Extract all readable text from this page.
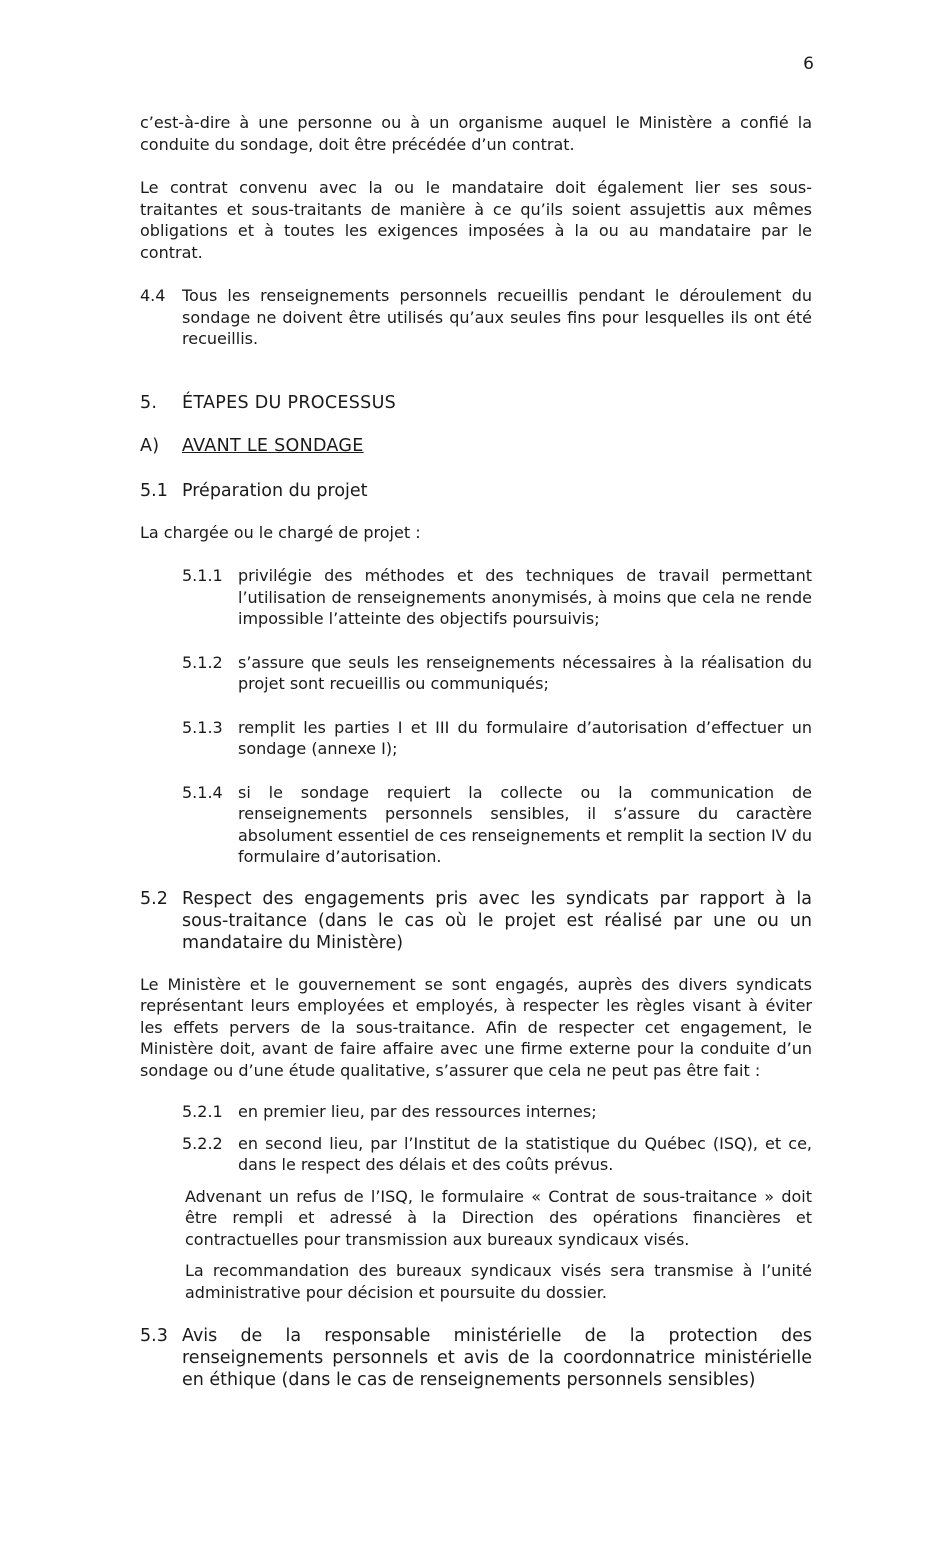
6

c’est-à-dire à une personne ou à un organisme auquel le Ministère a confié la conduite du sondage, doit être précédée d’un contrat.

Le contrat convenu avec la ou le mandataire doit également lier ses sous-traitantes et sous-traitants de manière à ce qu’ils soient assujettis aux mêmes obligations et à toutes les exigences imposées à la ou au mandataire par le contrat.

4.4	Tous les renseignements personnels recueillis pendant le déroulement du sondage ne doivent être utilisés qu’aux seules fins pour lesquelles ils ont été recueillis.
5.	ÉTAPES DU PROCESSUS
A)	AVANT LE SONDAGE
5.1 Préparation du projet

La chargée ou le chargé de projet :

5.1.1 privilégie des méthodes et des techniques de travail permettant l’utilisation de renseignements anonymisés, à moins que cela ne rende impossible l’atteinte des objectifs poursuivis;
5.1.2 s’assure que seuls les renseignements nécessaires à la réalisation du projet sont recueillis ou communiqués;
5.1.3 remplit les parties I et III du formulaire d’autorisation d’effectuer un sondage (annexe I);
5.1.4 si le sondage requiert la collecte ou la communication de renseignements personnels sensibles, il s’assure du caractère absolument essentiel de ces renseignements et remplit la section IV du formulaire d’autorisation.
5.2 Respect des engagements pris avec les syndicats par rapport à la sous-traitance (dans le cas où le projet est réalisé par une ou un mandataire du Ministère)

Le Ministère et le gouvernement se sont engagés, auprès des divers syndicats représentant leurs employées et employés, à respecter les règles visant à éviter les effets pervers de la sous-traitance. Afin de respecter cet engagement, le Ministère doit, avant de faire affaire avec une firme externe pour la conduite d’un sondage ou d’une étude qualitative, s’assurer que cela ne peut pas être fait :

5.2.1 en premier lieu, par des ressources internes;
5.2.2 en second lieu, par l’Institut de la statistique du Québec (ISQ), et ce, dans le respect des délais et des coûts prévus.

Advenant un refus de l’ISQ, le formulaire « Contrat de sous-traitance » doit être rempli et adressé à la Direction des opérations financières et contractuelles pour transmission aux bureaux syndicaux visés.

La recommandation des bureaux syndicaux visés sera transmise à l’unité administrative pour décision et poursuite du dossier.

5.3 Avis de la responsable ministérielle de la protection des renseignements personnels et avis de la coordonnatrice ministérielle en éthique (dans le cas de renseignements personnels sensibles)
